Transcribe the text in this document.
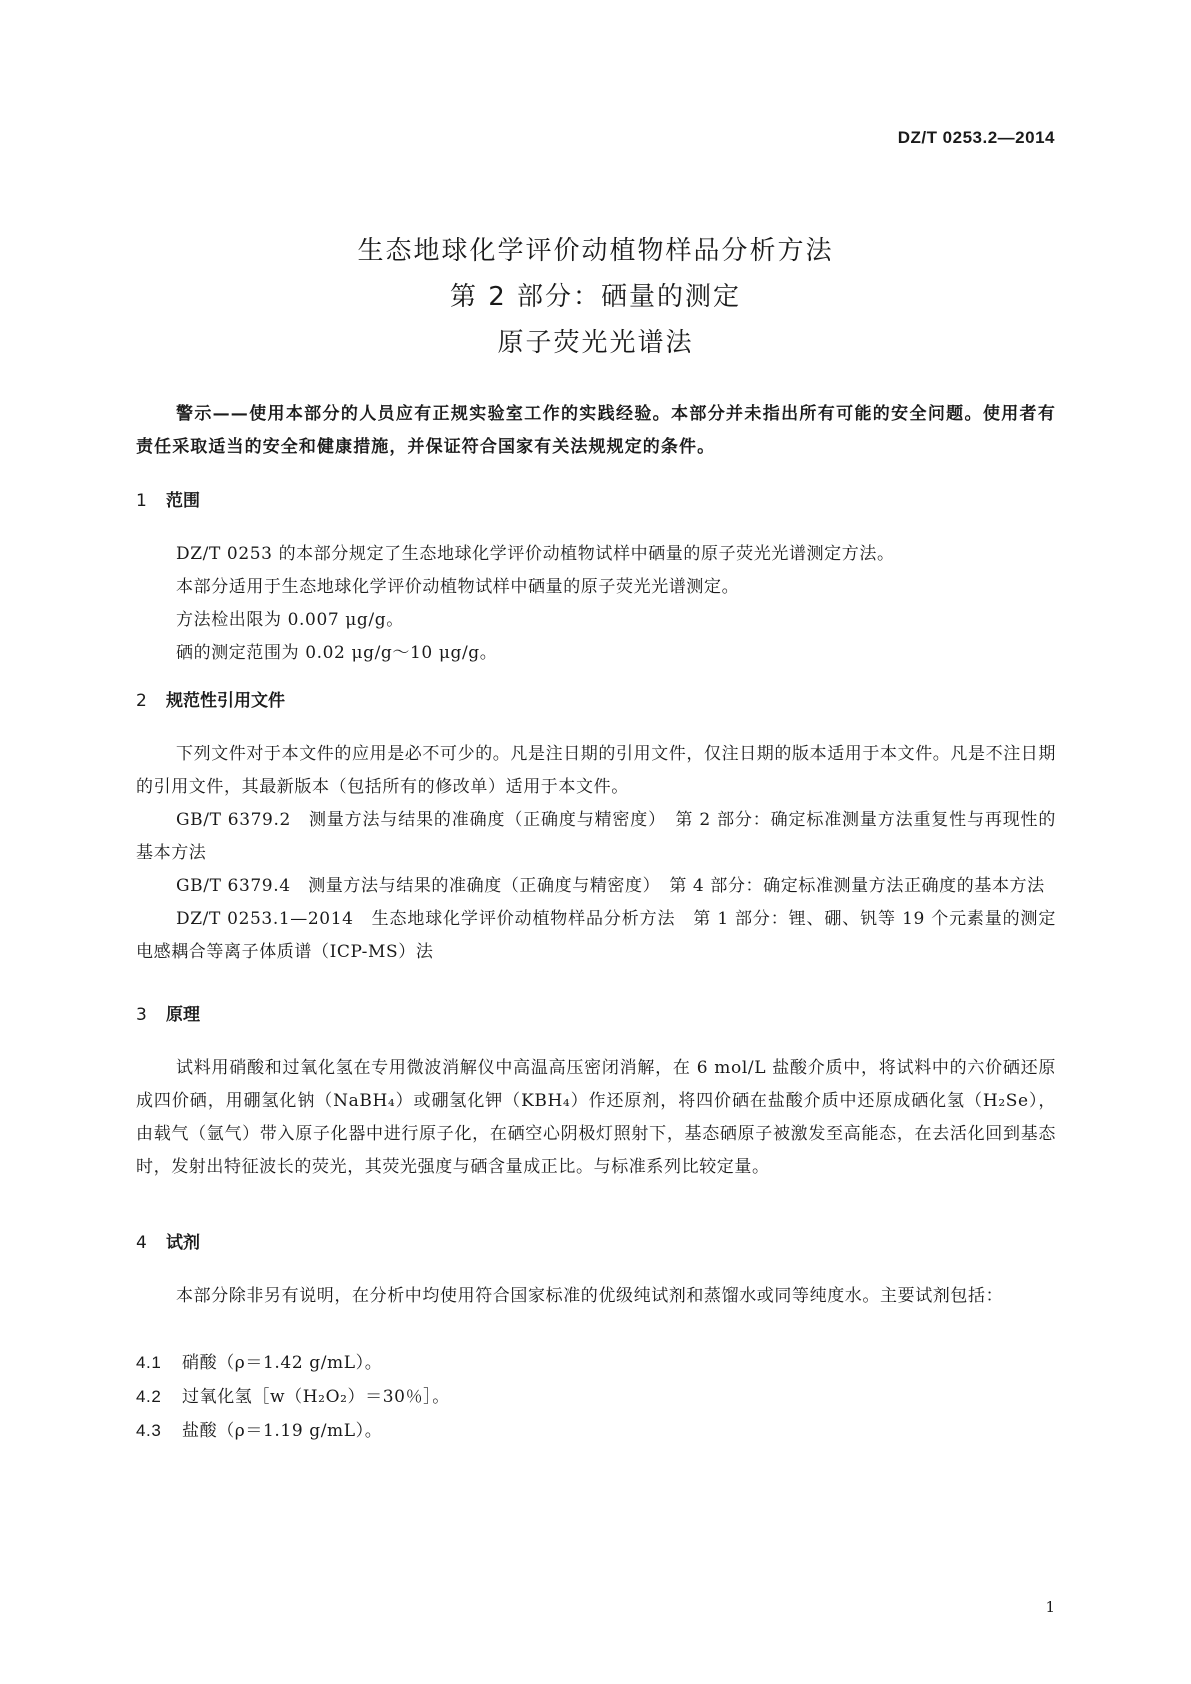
DZ/T 0253.2—2014
生态地球化学评价动植物样品分析方法
第 2 部分：硒量的测定
原子荧光光谱法
警示——使用本部分的人员应有正规实验室工作的实践经验。本部分并未指出所有可能的安全问题。使用者有责任采取适当的安全和健康措施，并保证符合国家有关法规规定的条件。
1 范围

DZ/T 0253 的本部分规定了生态地球化学评价动植物试样中硒量的原子荧光光谱测定方法。

本部分适用于生态地球化学评价动植物试样中硒量的原子荧光光谱测定。

方法检出限为 0.007 μg/g。

硒的测定范围为 0.02 μg/g～10 μg/g。

2 规范性引用文件

下列文件对于本文件的应用是必不可少的。凡是注日期的引用文件，仅注日期的版本适用于本文件。凡是不注日期的引用文件，其最新版本（包括所有的修改单）适用于本文件。

GB/T 6379.2　测量方法与结果的准确度（正确度与精密度）　第 2 部分：确定标准测量方法重复性与再现性的基本方法

GB/T 6379.4　测量方法与结果的准确度（正确度与精密度）　第 4 部分：确定标准测量方法正确度的基本方法

DZ/T 0253.1—2014　生态地球化学评价动植物样品分析方法　第 1 部分：锂、硼、钒等 19 个元素量的测定　电感耦合等离子体质谱（ICP-MS）法

3 原理

试料用硝酸和过氧化氢在专用微波消解仪中高温高压密闭消解，在 6 mol/L 盐酸介质中，将试料中的六价硒还原成四价硒，用硼氢化钠（NaBH₄）或硼氢化钾（KBH₄）作还原剂，将四价硒在盐酸介质中还原成硒化氢（H₂Se），由载气（氩气）带入原子化器中进行原子化，在硒空心阴极灯照射下，基态硒原子被激发至高能态，在去活化回到基态时，发射出特征波长的荧光，其荧光强度与硒含量成正比。与标准系列比较定量。

4 试剂

本部分除非另有说明，在分析中均使用符合国家标准的优级纯试剂和蒸馏水或同等纯度水。主要试剂包括：

4.1 硝酸（ρ＝1.42 g/mL）。
4.2 过氧化氢［w（H₂O₂）＝30％］。
4.3 盐酸（ρ＝1.19 g/mL）。
1
